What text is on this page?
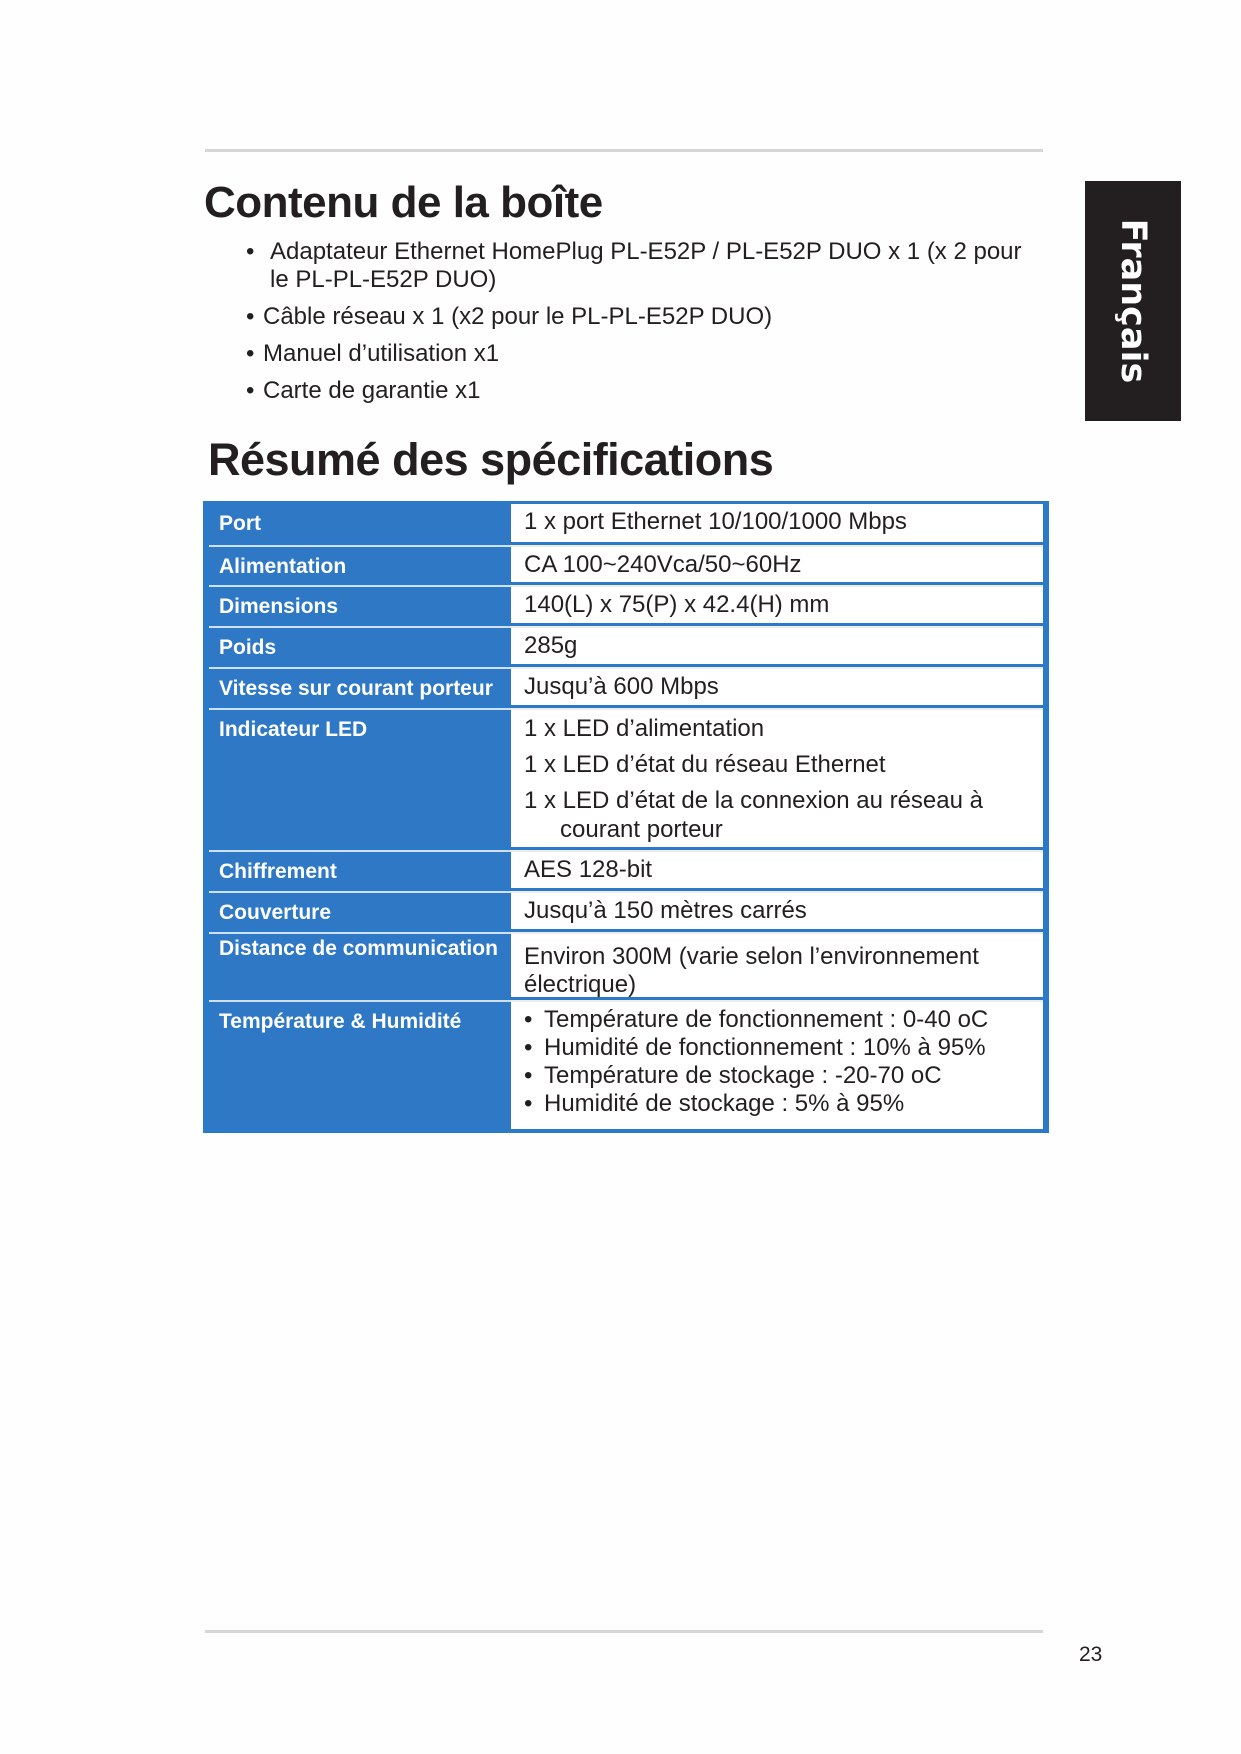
Français
Contenu de la boîte
• Adaptateur Ethernet HomePlug PL-E52P / PL-E52P DUO x 1 (x 2 pour le PL-PL-E52P DUO)
• Câble réseau x 1 (x2 pour le PL-PL-E52P DUO)
• Manuel d’utilisation x1
• Carte de garantie x1
Résumé des spécifications
Port	1 x port Ethernet 10/100/1000 Mbps
Alimentation	CA 100~240Vca/50~60Hz
Dimensions	140(L) x 75(P) x 42.4(H) mm
Poids	285g
Vitesse sur courant porteur	Jusqu’à 600 Mbps
Indicateur LED	1 x LED d’alimentation
1 x LED d’état du réseau Ethernet
1 x LED d’état de la connexion au réseau à
courant porteur
Chiffrement	AES 128-bit
Couverture	Jusqu’à 150 mètres carrés
Distance de communication	Environ 300M (varie selon l’environnement électrique)
Température & Humidité
•	Température de fonctionnement : 0-40 oC
• Humidité de fonctionnement : 10% à 95%
• Température de stockage : -20-70 oC
• Humidité de stockage : 5% à 95%
23
